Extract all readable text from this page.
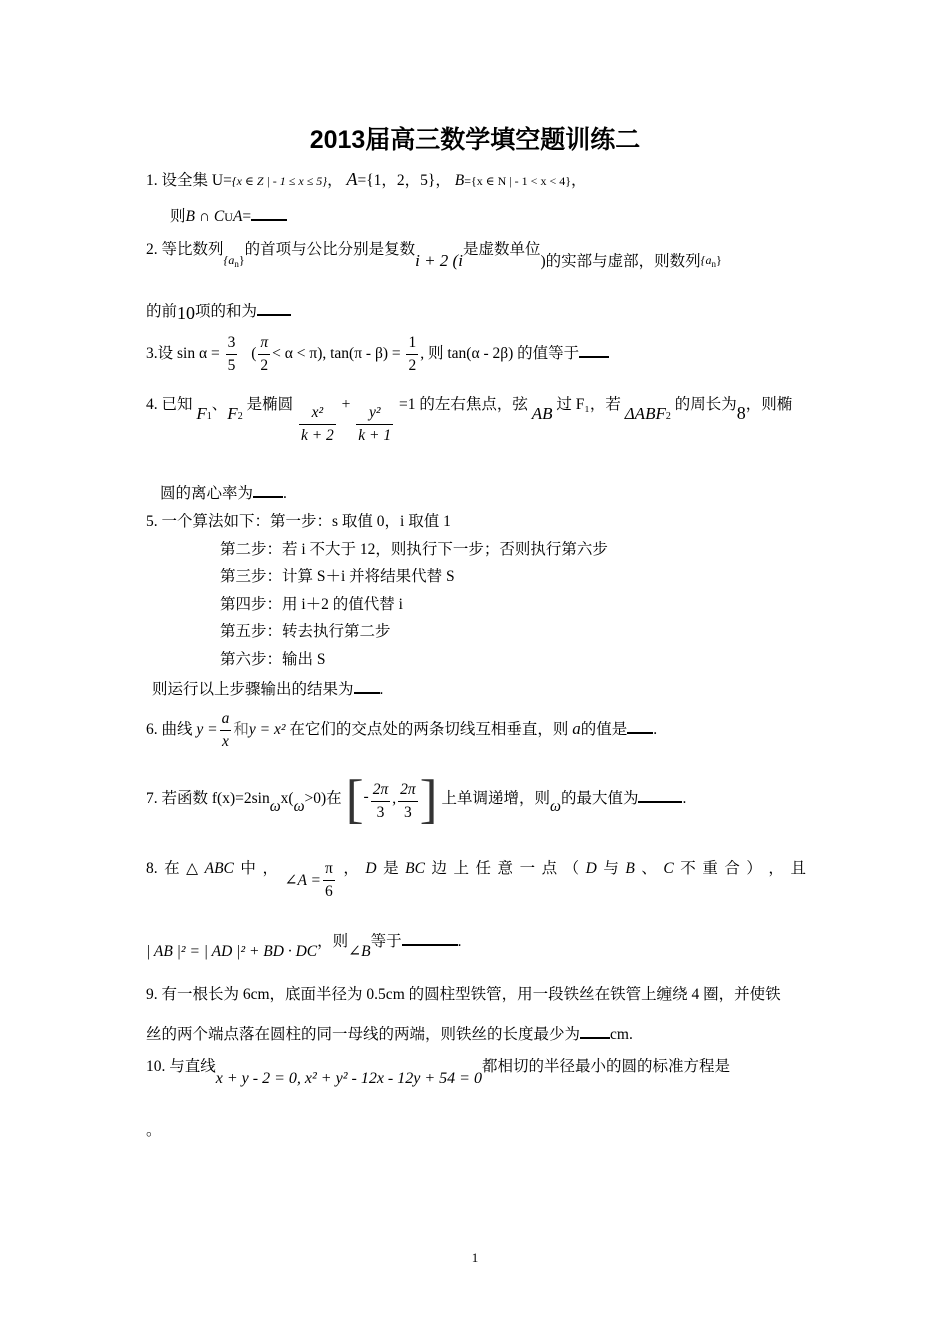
2013届高三数学填空题训练二
1. 设全集 U={x ∈ Z | - 1 ≤ x ≤ 5}， A={1，2，5}， B={x ∈ N | - 1 < x < 4}，
则B ∩ CUA=
2. 等比数列$_{\{an\}}$的首项与公比分别是复数i + 2 (i是虚数单位)的实部与虚部，则数列$_{\{an\}}$
的前10项的和为
3.设 $\sin \alpha = \frac{3}{5}$ ( $\frac{\pi}{2} < \alpha < \pi$), $\tan(\pi - \beta) = \frac{1}{2}$ , 则 tan(α - 2β) 的值等于
4. 已知 F1、F2 是椭圆 $\frac{\text{x²}}{k + 2} + \frac{\text{y²}}{k + 1} =1$ 的左右焦点，弦 AB 过 F₁，若 ΔABF2 的周长为8，则椭
圆的离心率为 .
5. 一个算法如下：第一步：s 取值 0，i 取值 1
第二步：若 i 不大于 12，则执行下一步；否则执行第六步
第三步：计算 S＋i 并将结果代替 S
第四步：用 i＋2 的值代替 i
第五步：转去执行第二步
第六步：输出 S
则运行以上步骤输出的结果为 .
6. 曲线 $y = \frac{a}{x}$ 和y = x² 在它们的交点处的两条切线互相垂直，则 a的值是 .
7. 若函数 f(x)=2sinωx(ω>0)在 [- $\frac{2\pi}{3}$ , $\frac{2\pi}{3}$ ] 上单调递增，则ω的最大值为	.
8. 在 △ ABC 中 ，
∠A = $\frac{\pi}{6}$ ， D 是 BC 边 上 任 意 一 点 （ D 与 B 、 C 不 重 合 ） ， 且
| AB |² = | AD |² + BD · DC，则∠B等于	.
9. 有一根长为 6cm，底面半径为 0.5cm 的圆柱型铁管，用一段铁丝在铁管上缠绕 4 圈，并使铁
丝的两个端点落在圆柱的同一母线的两端，则铁丝的长度最少为 cm.
10. 与直线x + y - 2 = 0, x² + y² - 12x - 12y + 54 = 0都相切的半径最小的圆的标准方程是
。
1
